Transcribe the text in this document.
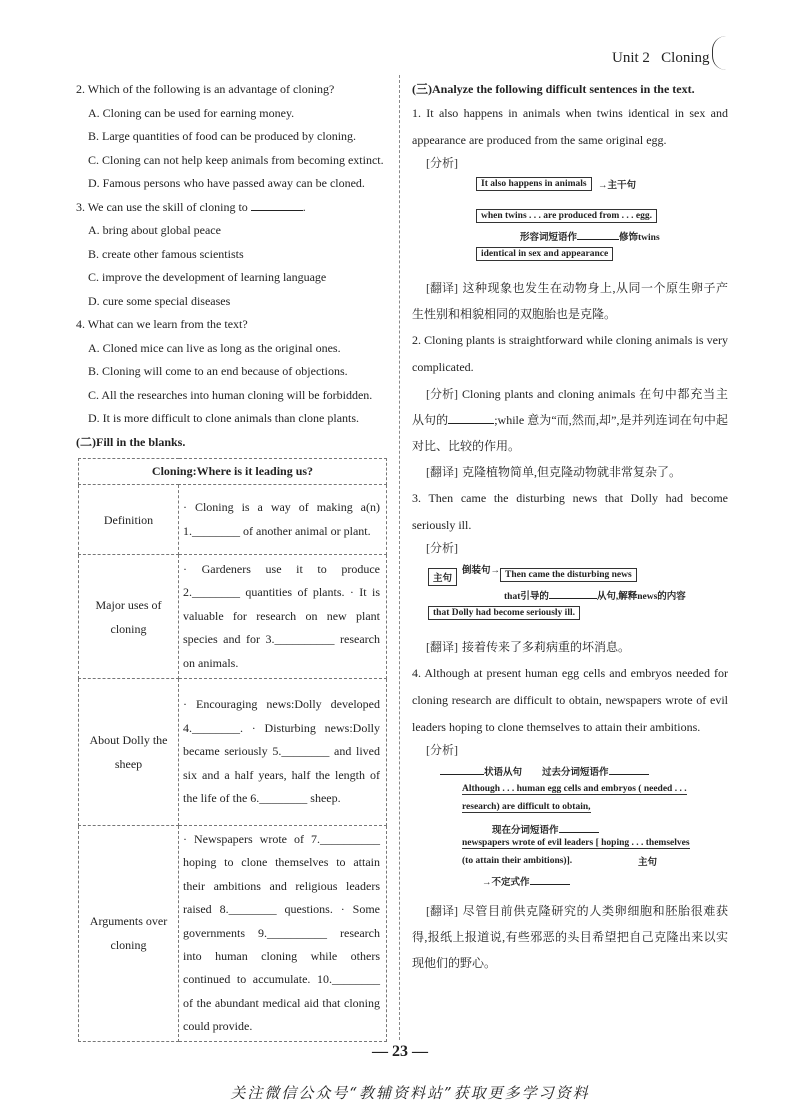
Unit 2 Cloning
2. Which of the following is an advantage of cloning?
A. Cloning can be used for earning money.
B. Large quantities of food can be produced by cloning.
C. Cloning can not help keep animals from becoming extinct.
D. Famous persons who have passed away can be cloned.
3. We can use the skill of cloning to	.
A. bring about global peace
B. create other famous scientists
C. improve the development of learning language
D. cure some special diseases
4. What can we learn from the text?
A. Cloned mice can live as long as the original ones.
B. Cloning will come to an end because of objections.
C. All the researches into human cloning will be forbidden.
D. It is more difficult to clone animals than clone plants.
(二)Fill in the blanks.
Cloning:Where is it leading us?	
Definition	· Cloning is a way of making a(n) 1.________ of another animal or plant.
Major uses of cloning	· Gardeners use it to produce 2.________ quantities of plants. · It is valuable for research on new plant species and for 3.__________ research on animals.
About Dolly the sheep	· Encouraging news:Dolly developed 4.________. · Disturbing news:Dolly became seriously 5.________ and lived six and a half years, half the length of the life of the 6.________ sheep.
Arguments over cloning	· Newspapers wrote of 7.__________ hoping to clone themselves to attain their ambitions and religious leaders raised 8.________ questions. · Some governments 9.__________ research into human cloning while others continued to accumulate. 10.________ of the abundant medical aid that cloning could provide.
(三)Analyze the following difficult sentences in the text.
1. It also happens in animals when twins identical in sex and appearance are produced from the same original egg.
[分析]
It also happens in animals	→主干句
when twins . . . are produced from . . . egg.
形容词短语作	修饰twins
identical in sex and appearance
[翻译] 这种现象也发生在动物身上,从同一个原生卵子产生性别和相貌相同的双胞胎也是克隆。
2. Cloning plants is straightforward while cloning animals is very complicated.
[分析] Cloning plants and cloning animals 在句中都充当主从句的	;while 意为“而,然而,却”,是并列连词在句中起对比、比较的作用。
[翻译] 克隆植物简单,但克隆动物就非常复杂了。
3. Then came the disturbing news that Dolly had become seriously ill.
[分析]
主句
倒装句→ Then came the disturbing news
that引导的	从句,解释news的内容
that Dolly had become seriously ill.
[翻译] 接着传来了多莉病重的坏消息。
4. Although at present human egg cells and embryos needed for cloning research are difficult to obtain, newspapers wrote of evil leaders hoping to clone themselves to attain their ambitions.
[分析]
状语从句 过去分词短语作
Although . . . human egg cells and embryos ( needed . . .
research) are difficult to obtain,
现在分词短语作
newspapers wrote of evil leaders [ hoping . . . themselves
(to attain their ambitions)].	主句
→不定式作
[翻译] 尽管目前供克隆研究的人类卵细胞和胚胎很难获得,报纸上报道说,有些邪恶的头目希望把自己克隆出来以实现他们的野心。
— 23 —
关注微信公众号“教辅资料站”获取更多学习资料
